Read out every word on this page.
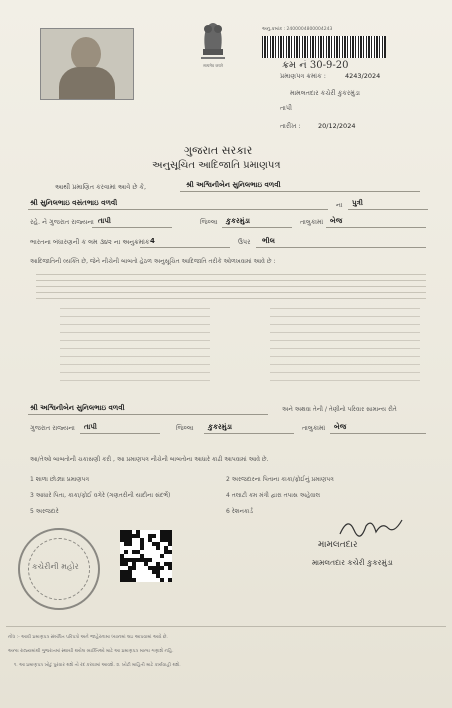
सत्यमेव जयते
અનુ.ક્રમાંક : 2400004800004243
ક્રમ નં 30-9-20
પ્રમાણપત્ર ક્રમાંક :	4243/2024
મામલતદાર કચેરી કુકરમુંડા
તાપી
તારીખ :	20/12/2024
ગુજરાત સરકાર
અનુસૂચિત આદિજાતિ પ્રમાણપત્ર
આથી પ્રમાણિત કરવામાં આવે છે કે,	શ્રી અશ્વિનીબેન સુનિલભાઇ વળવી
શ્રી સુનિલભાઇ વસંતભાઇ વળવી	ના પુત્રી
રહે. ને ગુજરાત રાજ્યના તાપી	જિલ્લા કુકરમુંડા	તાલુકામાં બેજ
ભારતના બંધારણની ક લમ ૩૪૨ ના અનુક્રમાંક 4	ઉપર ભીલ
આદિજાતિની વ્યક્તિ છે, જેને નીચેની બાબતો હેઠળ અનુસૂચિત આદિજાતિ તરીકે ઓળખવામાં આવે છે :
શ્રી અશ્વિનીબેન સુનિલભાઇ વળવી	અને અથવા તેની / તેણીનો પરિવાર સામાન્ય રીતે
ગુજરાત રાજ્યના તાપી	જિલ્લા કુકરમુંડા	તાલુકામાં બેજ
આ/તેઓ બાબતોની ચકાસણી કરી , આ પ્રમાણપત્ર નીચેની બાબતોના આધારે કાઢી આપવામાં આવે છે.
1 શાળા છોડ્યા પ્રમાણપત્ર	2 અરજદારના પિતાના કાકા/ફોઈનું પ્રમાણપત્ર
3 આધારે પિતા, કાકા/ફોઈ વગેરે (ગણતરીની યાદીના સંદર્ભે)	4 તલાટી કમ મંત્રી દ્વારા તપાસ અહેવાલ
5 અરજદારે	6 રેશનકાર્ડ
કચેરીની મહોર
મામલતદાર
મામલતદાર કચેરી કુકરમુંડા
નોંધ :- આવી પ્રમાણપત્ર સંબંધિત પરિપત્રો અને જાહેરનામા ધ્યાનમાં લઇ આપવામાં આવે છે.
અન્ય રાજ્યમાંથી ગુજરાતમાં સ્થાયી થયેલ વ્યક્તિઓ માટે આ પ્રમાણપત્ર માન્ય ગણાશે નહિ.
૧. આ પ્રમાણપત્ર ખોટું પુરવાર થશે તો રદ કરવામાં આવશે. ૨. ખોટી માહિતી માટે કાર્યવાહી થશે.
